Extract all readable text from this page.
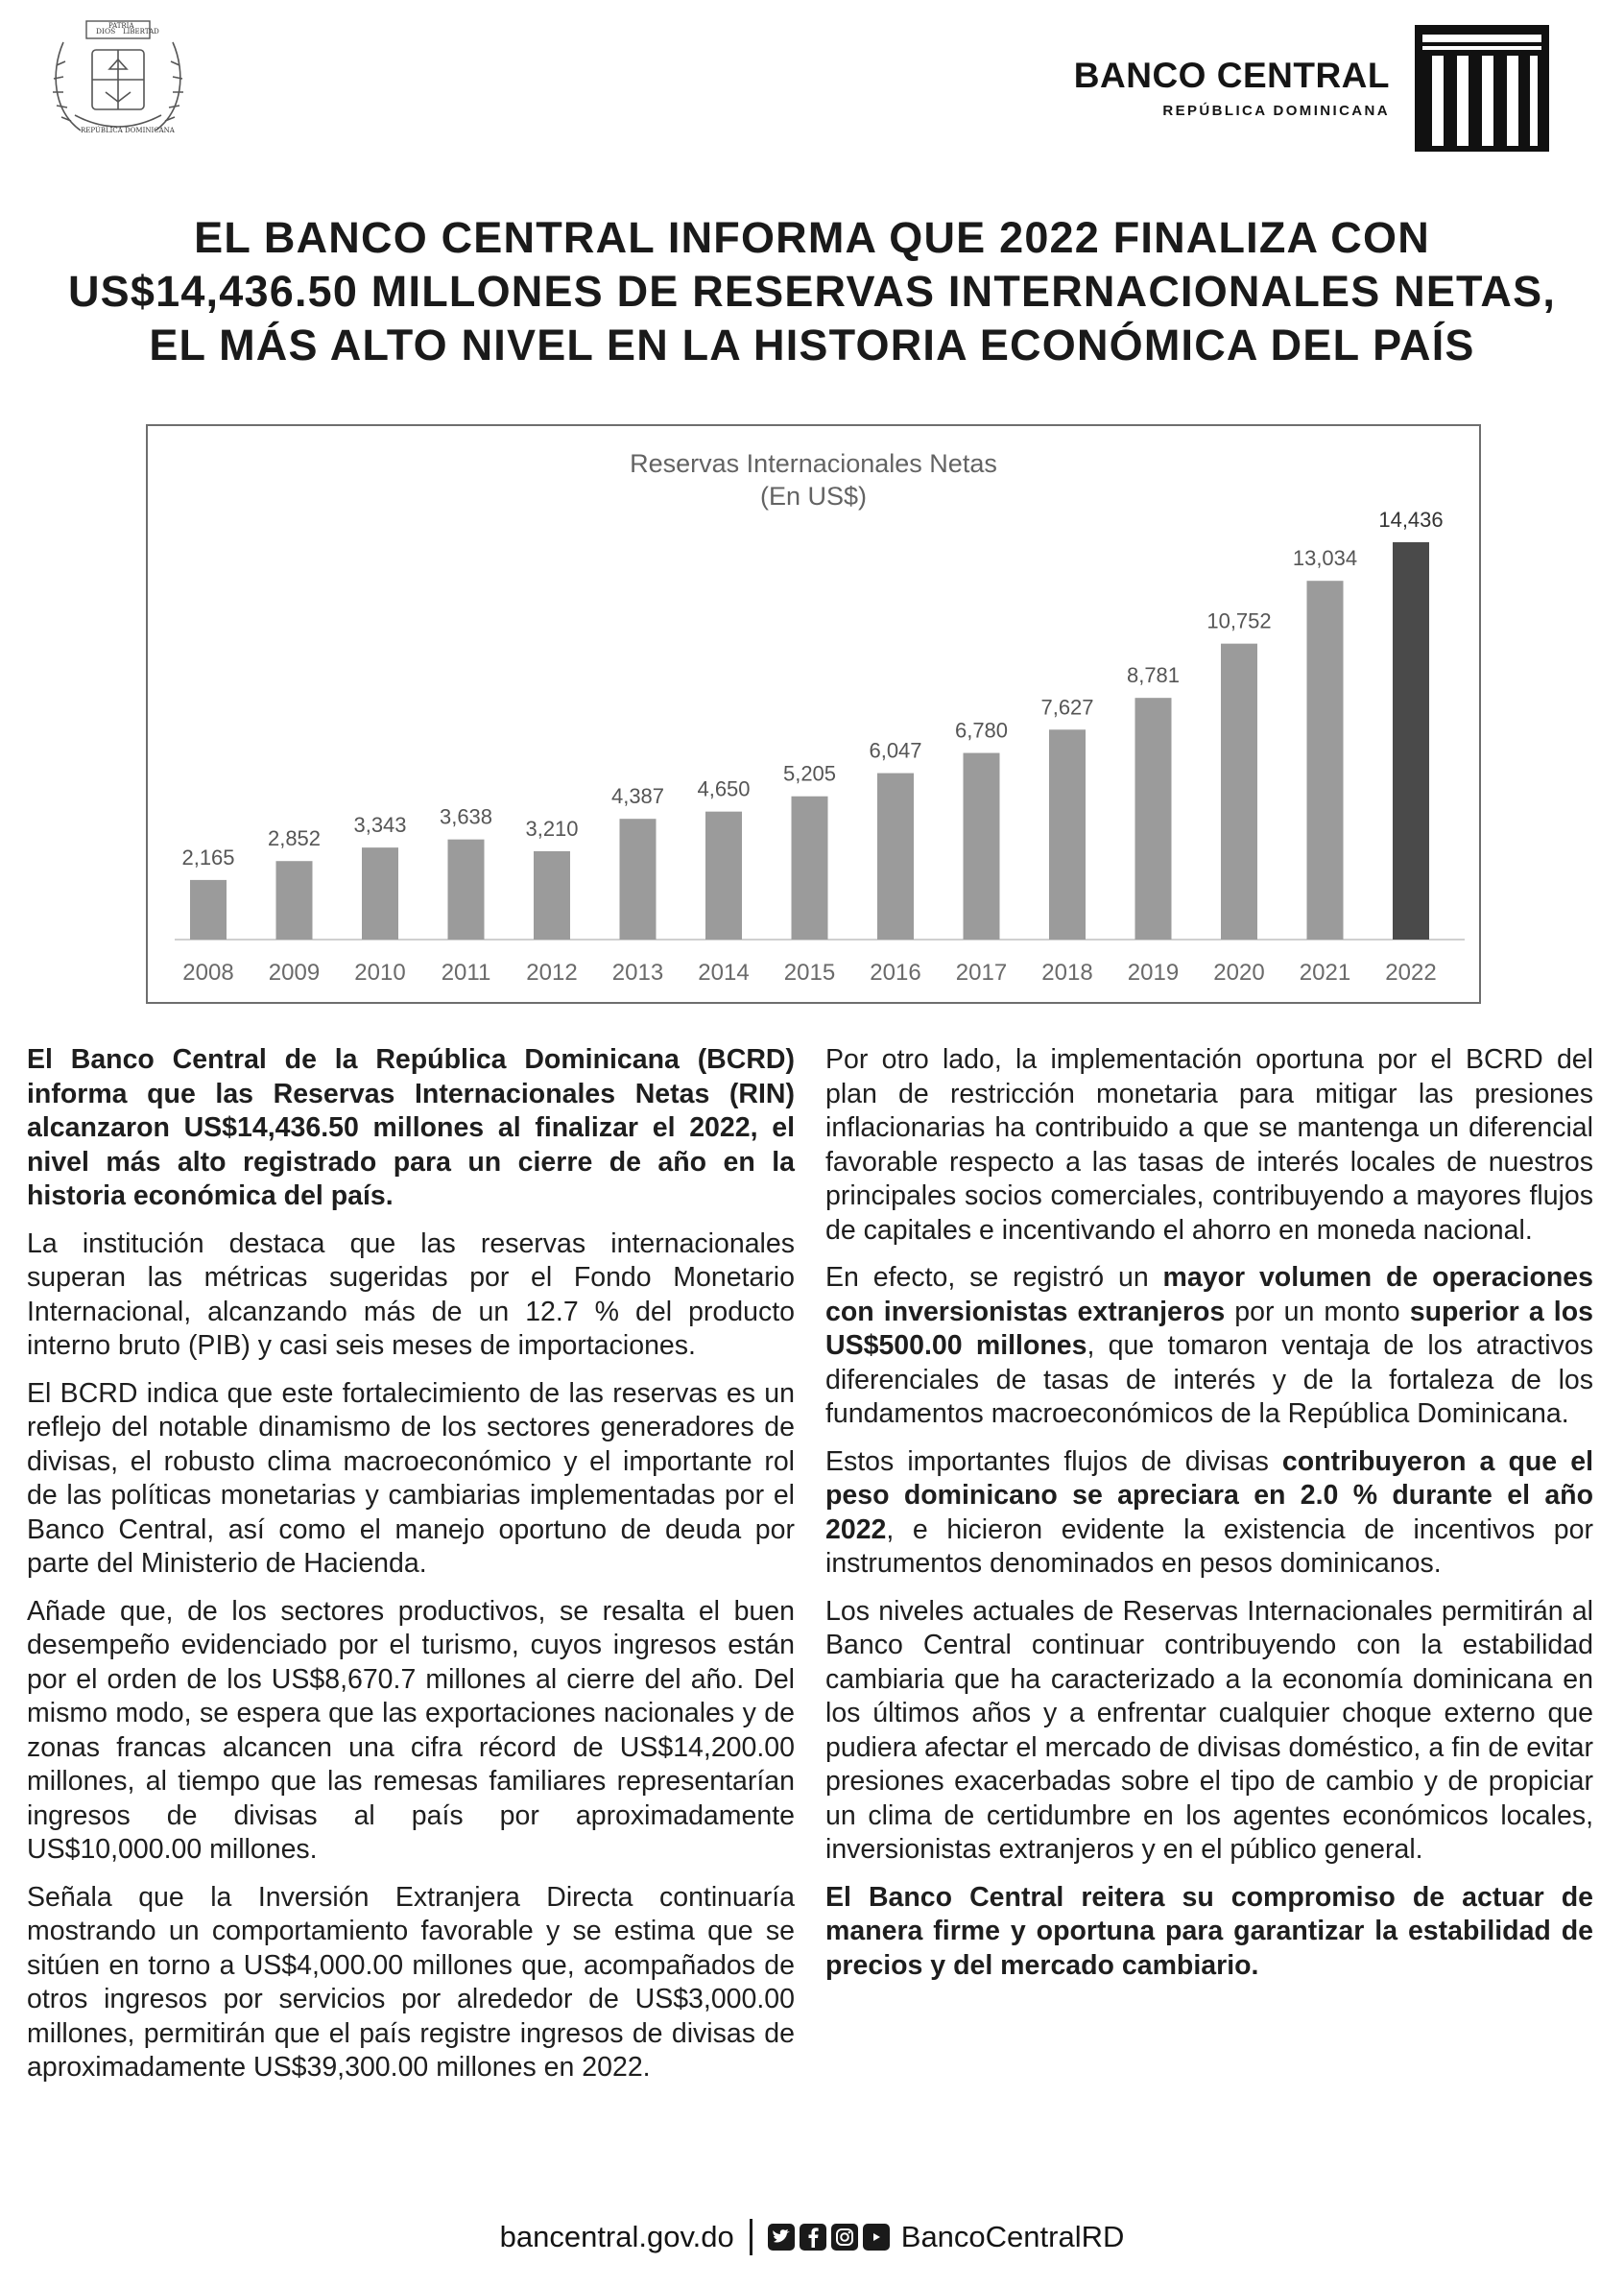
DIOS
PATRIA
LIBERTAD
REPÚBLICA DOMINICANA
BANCO CENTRAL
REPÚBLICA DOMINICANA
EL BANCO CENTRAL INFORMA QUE 2022 FINALIZA CON
US$14,436.50 MILLONES DE RESERVAS INTERNACIONALES NETAS,
EL MÁS ALTO NIVEL EN LA HISTORIA ECONÓMICA DEL PAÍS
Reservas Internacionales Netas
(En US$)
2,165
2008
2,852
2009
3,343
2010
3,638
2011
3,210
2012
4,387
2013
4,650
2014
5,205
2015
6,047
2016
6,780
2017
7,627
2018
8,781
2019
10,752
2020
13,034
2021
14,436
2022

El Banco Central de la República Dominicana (BCRD) informa que las Reservas Internacionales Netas (RIN) alcanzaron US$14,436.50 millones al finalizar el 2022, el nivel más alto registrado para un cierre de año en la historia económica del país.

La institución destaca que las reservas internacionales superan las métricas sugeridas por el Fondo Monetario Internacional, alcanzando más de un 12.7 % del producto interno bruto (PIB) y casi seis meses de importaciones.

El BCRD indica que este fortalecimiento de las reservas es un reflejo del notable dinamismo de los sectores generadores de divisas, el robusto clima macroeconómico y el importante rol de las políticas monetarias y cambiarias implementadas por el Banco Central, así como el manejo oportuno de deuda por parte del Ministerio de Hacienda.

Añade que, de los sectores productivos, se resalta el buen desempeño evidenciado por el turismo, cuyos ingresos están por el orden de los US$8,670.7 millones al cierre del año. Del mismo modo, se espera que las exportaciones nacionales y de zonas francas alcancen una cifra récord de US$14,200.00 millones, al tiempo que las remesas familiares representarían ingresos de divisas al país por aproximadamente US$10,000.00 millones.

Señala que la Inversión Extranjera Directa continuaría mostrando un comportamiento favorable y se estima que se sitúen en torno a US$4,000.00 millones que, acompañados de otros ingresos por servicios por alrededor de US$3,000.00 millones, permitirán que el país registre ingresos de divisas de aproximadamente US$39,300.00 millones en 2022.

Por otro lado, la implementación oportuna por el BCRD del plan de restricción monetaria para mitigar las presiones inflacionarias ha contribuido a que se mantenga un diferencial favorable respecto a las tasas de interés locales de nuestros principales socios comerciales, contribuyendo a mayores flujos de capitales e incentivando el ahorro en moneda nacional.

En efecto, se registró un mayor volumen de operaciones con inversionistas extranjeros por un monto superior a los US$500.00 millones, que tomaron ventaja de los atractivos diferenciales de tasas de interés y de la fortaleza de los fundamentos macroeconómicos de la República Dominicana.

Estos importantes flujos de divisas contribuyeron a que el peso dominicano se apreciara en 2.0 % durante el año 2022, e hicieron evidente la existencia de incentivos por instrumentos denominados en pesos dominicanos.

Los niveles actuales de Reservas Internacionales permitirán al Banco Central continuar contribuyendo con la estabilidad cambiaria que ha caracterizado a la economía dominicana en los últimos años y a enfrentar cualquier choque externo que pudiera afectar el mercado de divisas doméstico, a fin de evitar presiones exacerbadas sobre el tipo de cambio y de propiciar un clima de certidumbre en los agentes económicos locales, inversionistas extranjeros y en el público general.

El Banco Central reitera su compromiso de actuar de manera firme y oportuna para garantizar la estabilidad de precios y del mercado cambiario.

bancentral.gov.do	BancoCentralRD
